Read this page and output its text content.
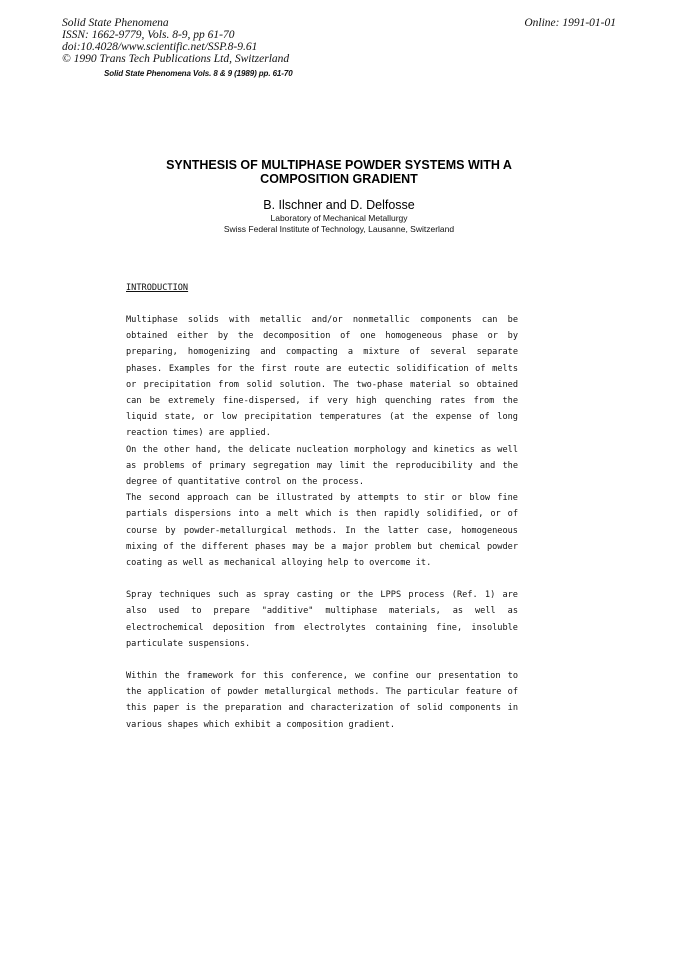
Solid State Phenomena
ISSN: 1662-9779, Vols. 8-9, pp 61-70
doi:10.4028/www.scientific.net/SSP.8-9.61
© 1990 Trans Tech Publications Ltd, Switzerland
Online: 1991-01-01
Solid State Phenomena Vols. 8 & 9 (1989) pp. 61-70
SYNTHESIS OF MULTIPHASE POWDER SYSTEMS WITH A
COMPOSITION GRADIENT
B. Ilschner and D. Delfosse
Laboratory of Mechanical Metallurgy
Swiss Federal Institute of Technology, Lausanne, Switzerland
INTRODUCTION

Multiphase solids with metallic and/or nonmetallic components can be obtained either by the decomposition of one homogeneous phase or by preparing, homogenizing and compacting a mixture of several separate phases. Examples for the first route are eutectic solidification of melts or precipitation from solid solution. The two-phase material so obtained can be extremely fine-dispersed, if very high quenching rates from the liquid state, or low precipitation temperatures (at the expense of long reaction times) are applied.

On the other hand, the delicate nucleation morphology and kinetics as well as problems of primary segregation may limit the reproducibility and the degree of quantitative control on the process.

The second approach can be illustrated by attempts to stir or blow fine partials dispersions into a melt which is then rapidly solidified, or of course by powder-metallurgical methods. In the latter case, homogeneous mixing of the different phases may be a major problem but chemical powder coating as well as mechanical alloying help to overcome it.

Spray techniques such as spray casting or the LPPS process (Ref. 1) are also used to prepare "additive" multiphase materials, as well as electrochemical deposition from electrolytes containing fine, insoluble particulate suspensions.

Within the framework for this conference, we confine our presentation to the application of powder metallurgical methods. The particular feature of this paper is the preparation and characterization of solid components in various shapes which exhibit a composition gradient.
